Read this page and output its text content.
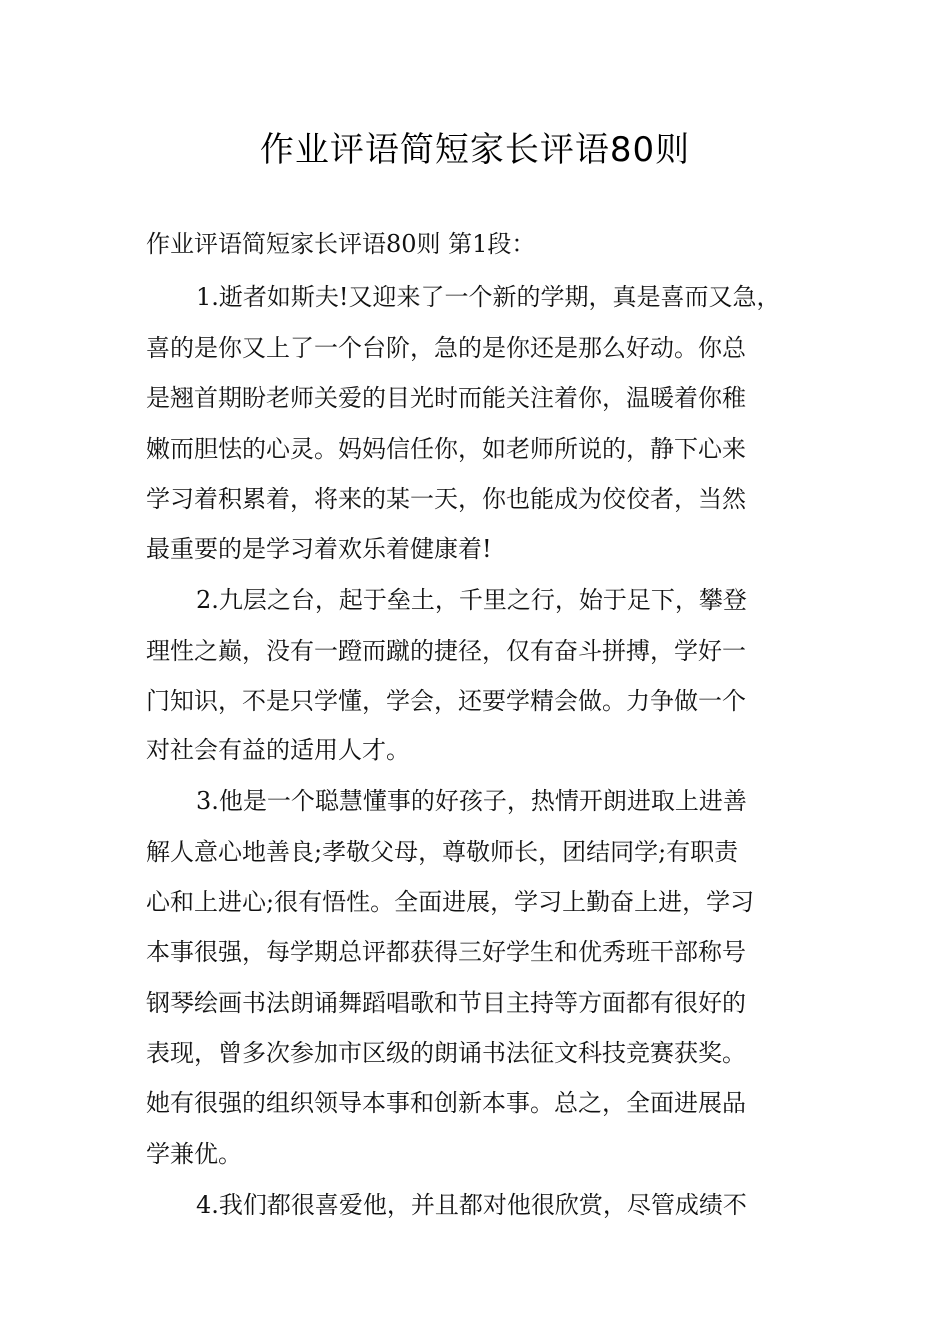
作业评语简短家长评语80则
作业评语简短家长评语80则 第1段：
1.逝者如斯夫!又迎来了一个新的学期，真是喜而又急，
喜的是你又上了一个台阶，急的是你还是那么好动。你总
是翘首期盼老师关爱的目光时而能关注着你，温暖着你稚
嫩而胆怯的心灵。妈妈信任你，如老师所说的，静下心来
学习着积累着，将来的某一天，你也能成为佼佼者，当然
最重要的是学习着欢乐着健康着!
2.九层之台，起于垒土，千里之行，始于足下，攀登
理性之巅，没有一蹬而蹴的捷径，仅有奋斗拼搏，学好一
门知识，不是只学懂，学会，还要学精会做。力争做一个
对社会有益的适用人才。
3.他是一个聪慧懂事的好孩子，热情开朗进取上进善
解人意心地善良;孝敬父母，尊敬师长，团结同学;有职责
心和上进心;很有悟性。全面进展，学习上勤奋上进，学习
本事很强，每学期总评都获得三好学生和优秀班干部称号
钢琴绘画书法朗诵舞蹈唱歌和节目主持等方面都有很好的
表现，曾多次参加市区级的朗诵书法征文科技竞赛获奖。
她有很强的组织领导本事和创新本事。总之，全面进展品
学兼优。
4.我们都很喜爱他，并且都对他很欣赏，尽管成绩不
